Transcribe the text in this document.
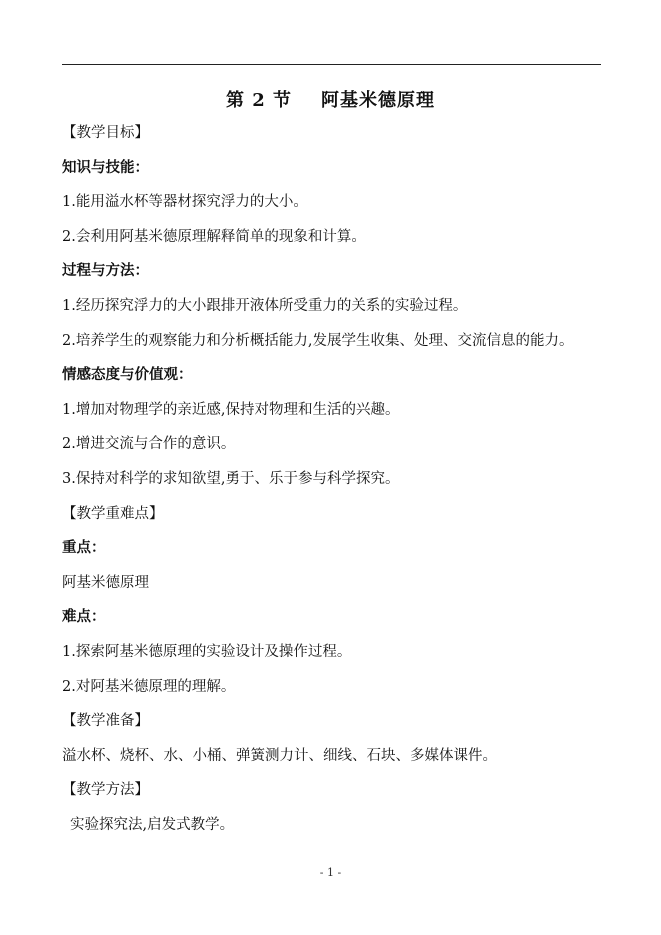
第 2 节    阿基米德原理
【教学目标】
知识与技能：
1.能用溢水杯等器材探究浮力的大小。
2.会利用阿基米德原理解释简单的现象和计算。
过程与方法：
1.经历探究浮力的大小跟排开液体所受重力的关系的实验过程。
2.培养学生的观察能力和分析概括能力,发展学生收集、处理、交流信息的能力。
情感态度与价值观：
1.增加对物理学的亲近感,保持对物理和生活的兴趣。
2.增进交流与合作的意识。
3.保持对科学的求知欲望,勇于、乐于参与科学探究。
【教学重难点】
重点：
阿基米德原理
难点：
1.探索阿基米德原理的实验设计及操作过程。
2.对阿基米德原理的理解。
【教学准备】
溢水杯、烧杯、水、小桶、弹簧测力计、细线、石块、多媒体课件。
【教学方法】
实验探究法,启发式教学。
- 1 -
